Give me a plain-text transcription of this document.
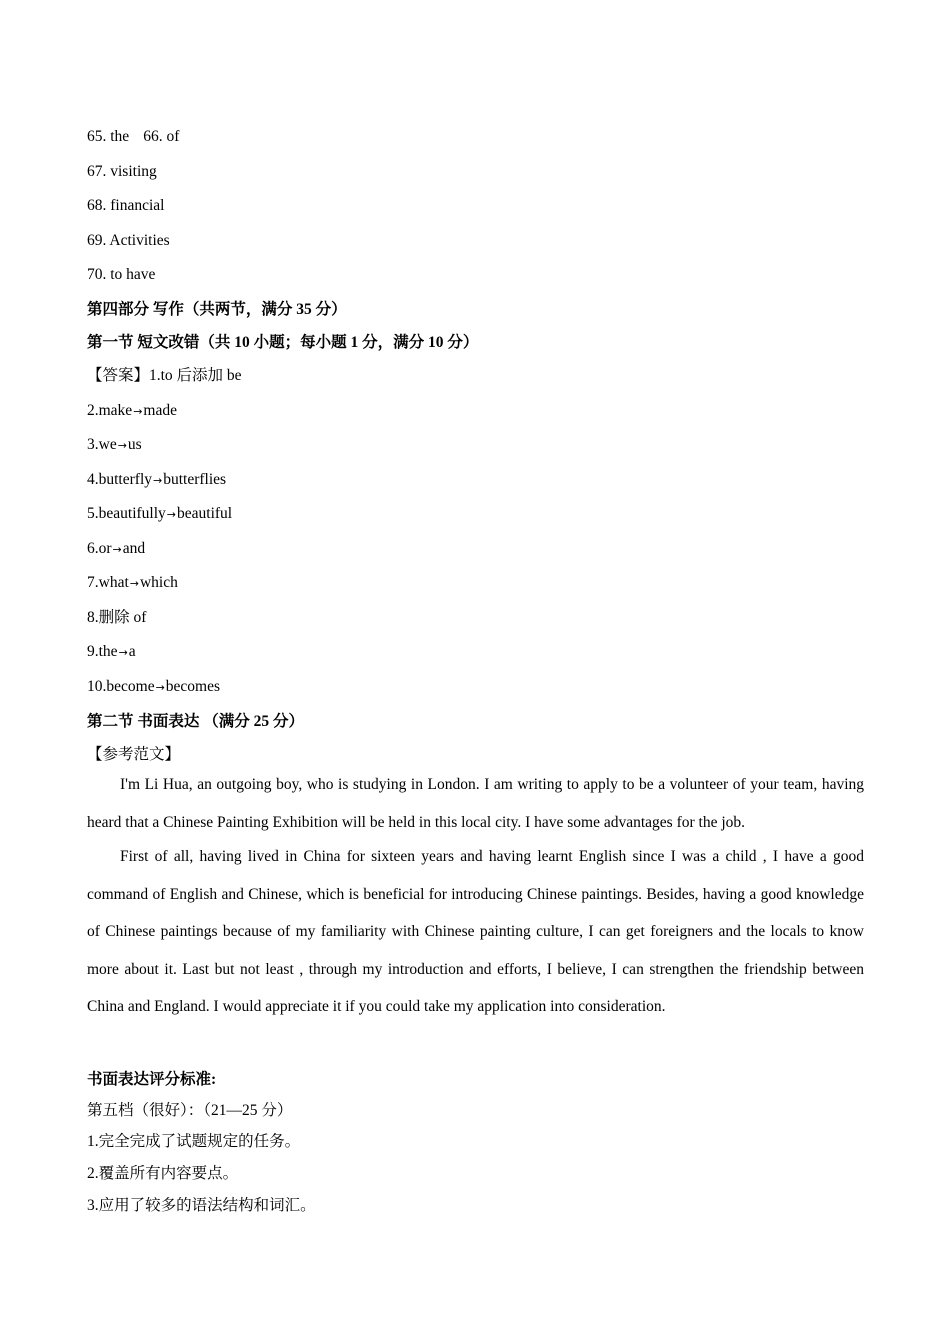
65. the 66. of
67. visiting
68. financial
69. Activities
70. to have
第四部分 写作（共两节，满分 35 分）
第一节 短文改错（共 10 小题；每小题 1 分，满分 10 分）
【答案】1.to 后添加 be
2.make→made
3.we→us
4.butterfly→butterflies
5.beautifully→beautiful
6.or→and
7.what→which
8.删除 of
9.the→a
10.become→becomes
第二节 书面表达 （满分 25 分）
【参考范文】
I'm Li Hua, an outgoing boy, who is studying in London. I am writing to apply to be a volunteer of your team, having heard that a Chinese Painting Exhibition will be held in this local city. I have some advantages for the job.
First of all, having lived in China for sixteen years and having learnt English since I was a child , I have a good command of English and Chinese, which is beneficial for introducing Chinese paintings. Besides, having a good knowledge of Chinese paintings because of my familiarity with Chinese painting culture, I can get foreigners and the locals to know more about it. Last but not least , through my introduction and efforts, I believe, I can strengthen the friendship between China and England. I would appreciate it if you could take my application into consideration.
书面表达评分标准:
第五档（很好）：（21—25 分）
1.完全完成了试题规定的任务。
2.覆盖所有内容要点。
3.应用了较多的语法结构和词汇。
